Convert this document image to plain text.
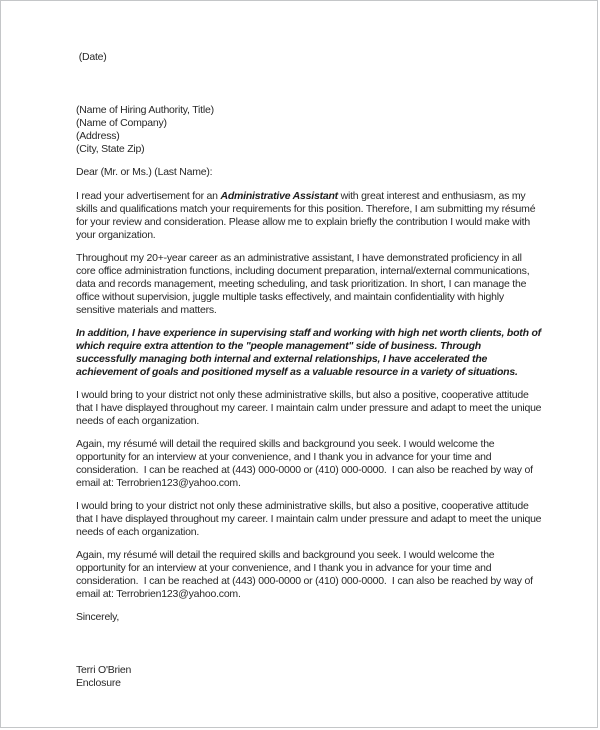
(Date)

(Name of Hiring Authority, Title)

(Name of Company)

(Address)

(City, State Zip)

Dear (Mr. or Ms.) (Last Name):

I read your advertisement for an Administrative Assistant with great interest and enthusiasm, as my skills and qualifications match your requirements for this position. Therefore, I am submitting my résumé for your review and consideration. Please allow me to explain briefly the contribution I would make with your organization.

Throughout my 20+-year career as an administrative assistant, I have demonstrated proficiency in all core office administration functions, including document preparation, internal/external communications, data and records management, meeting scheduling, and task prioritization. In short, I can manage the office without supervision, juggle multiple tasks effectively, and maintain confidentiality with highly sensitive materials and matters.

In addition, I have experience in supervising staff and working with high net worth clients, both of which require extra attention to the "people management" side of business. Through successfully managing both internal and external relationships, I have accelerated the achievement of goals and positioned myself as a valuable resource in a variety of situations.

I would bring to your district not only these administrative skills, but also a positive, cooperative attitude that I have displayed throughout my career. I maintain calm under pressure and adapt to meet the unique needs of each organization.

Again, my résumé will detail the required skills and background you seek. I would welcome the opportunity for an interview at your convenience, and I thank you in advance for your time and consideration.  I can be reached at (443) 000-0000 or (410) 000-0000.  I can also be reached by way of email at: Terrobrien123@yahoo.com.

I would bring to your district not only these administrative skills, but also a positive, cooperative attitude that I have displayed throughout my career. I maintain calm under pressure and adapt to meet the unique needs of each organization.

Again, my résumé will detail the required skills and background you seek. I would welcome the opportunity for an interview at your convenience, and I thank you in advance for your time and consideration.  I can be reached at (443) 000-0000 or (410) 000-0000.  I can also be reached by way of email at: Terrobrien123@yahoo.com.

Sincerely,

Terri O'Brien

Enclosure
